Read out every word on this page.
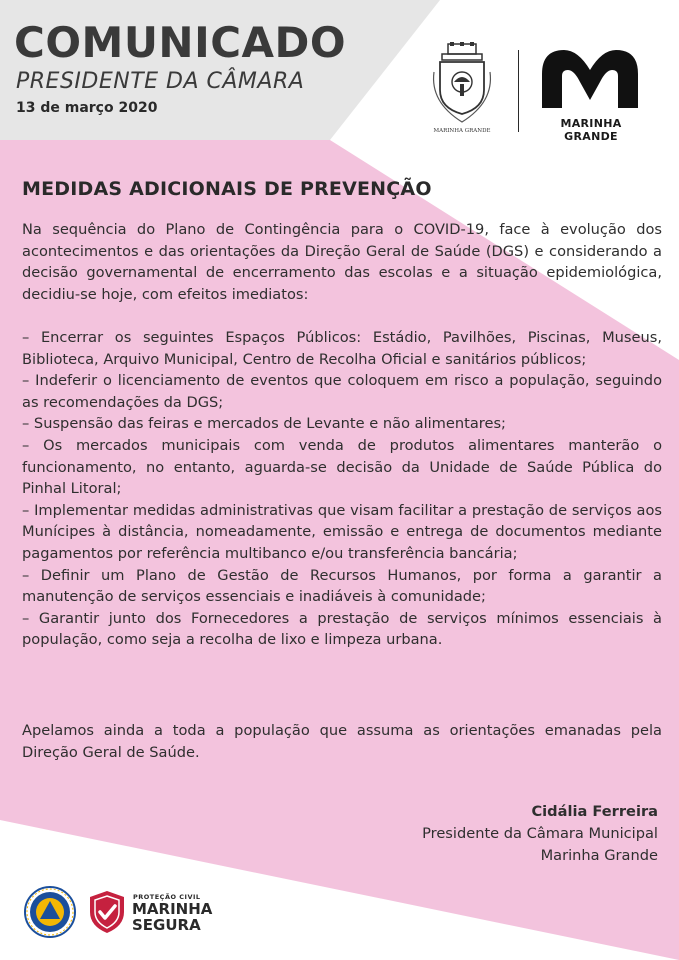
COMUNICADO
PRESIDENTE DA CÂMARA
13 de março 2020
MARINHA GRANDE
MARINHA GRANDE
MEDIDAS ADICIONAIS DE PREVENÇÃO

Na sequência do Plano de Contingência para o COVID-19, face à evolução dos acontecimentos e das orientações da Direção Geral de Saúde (DGS) e considerando a decisão governamental de encerramento das escolas e a situação epidemiológica, decidiu-se hoje, com efeitos imediatos:

– Encerrar os seguintes Espaços Públicos: Estádio, Pavilhões, Piscinas, Museus, Biblioteca, Arquivo Municipal, Centro de Recolha Oficial e sanitários públicos;

– Indeferir o licenciamento de eventos que coloquem em risco a população, seguindo as recomendações da DGS;

– Suspensão das feiras e mercados de Levante e não alimentares;

– Os mercados municipais com venda de produtos alimentares manterão o funcionamento, no entanto, aguarda-se decisão da Unidade de Saúde Pública do Pinhal Litoral;

– Implementar medidas administrativas que visam facilitar a prestação de serviços aos Munícipes à distância, nomeadamente, emissão e entrega de documentos mediante pagamentos por referência multibanco e/ou transferência bancária;

– Definir um Plano de Gestão de Recursos Humanos, por forma a garantir a manutenção de serviços essenciais e inadiáveis à comunidade;

– Garantir junto dos Fornecedores a prestação de serviços mínimos essenciais à população, como seja a recolha de lixo e limpeza urbana.

Apelamos ainda a toda a população que assuma as orientações emanadas pela Direção Geral de Saúde.

Cidália Ferreira
Presidente da Câmara Municipal
Marinha Grande
PROTEÇÃO CIVIL
MARINHA
SEGURA
